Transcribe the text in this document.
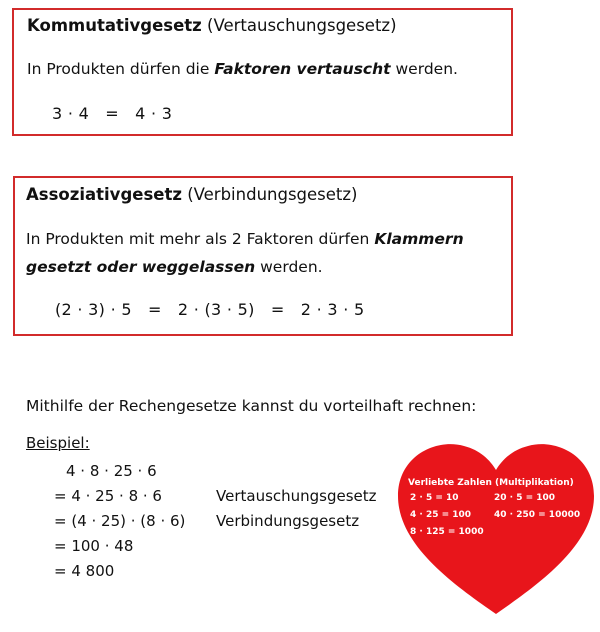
Kommutativgesetz (Vertauschungsgesetz)
In Produkten dürfen die Faktoren vertauscht werden.
3 · 4   =   4 · 3
Assoziativgesetz (Verbindungsgesetz)
In Produkten mit mehr als 2 Faktoren dürfen Klammern
gesetzt oder weggelassen werden.
(2 · 3) · 5   =   2 · (3 · 5)   =   2 · 3 · 5
Mithilfe der Rechengesetze kannst du vorteilhaft rechnen:
Beispiel:
4 · 8 · 25 · 6
= 4 · 25 · 8 · 6	Vertauschungsgesetz
= (4 · 25) · (8 · 6) Verbindungsgesetz
= 100 · 48
= 4 800
Verliebte Zahlen (Multiplikation)
2 · 5 = 10	20 · 5 = 100
4 · 25 = 100	40 · 250 = 10000
8 · 125 = 1000
